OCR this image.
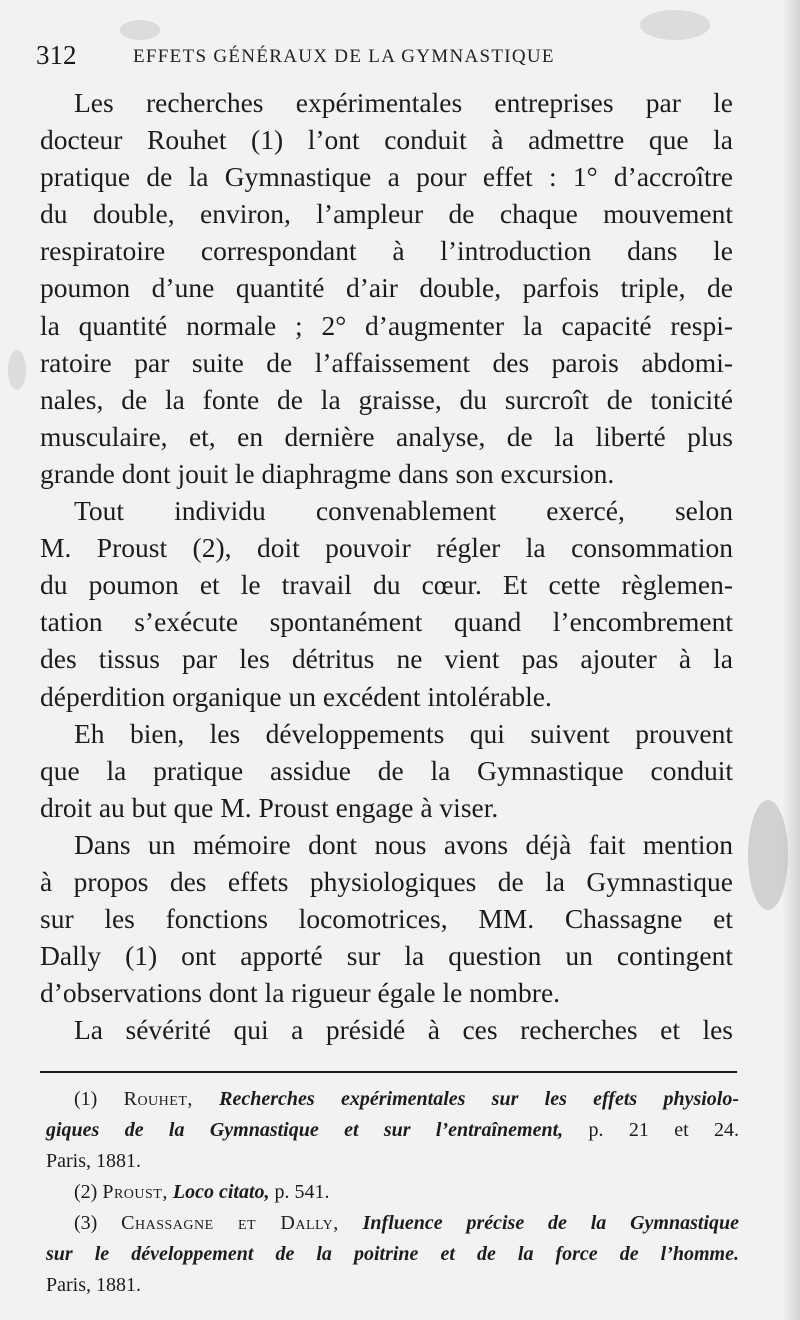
312	EFFETS GÉNÉRAUX DE LA GYMNASTIQUE
Les recherches expérimentales entreprises par le
docteur Rouhet (1) l’ont conduit à admettre que la
pratique de la Gymnastique a pour effet : 1° d’accroître
du double, environ, l’ampleur de chaque mouvement
respiratoire correspondant à l’introduction dans le
poumon d’une quantité d’air double, parfois triple, de
la quantité normale ; 2° d’augmenter la capacité respi-
ratoire par suite de l’affaissement des parois abdomi-
nales, de la fonte de la graisse, du surcroît de tonicité
musculaire, et, en dernière analyse, de la liberté plus
grande dont jouit le diaphragme dans son excursion.
Tout individu convenablement exercé, selon
M. Proust (2), doit pouvoir régler la consommation
du poumon et le travail du cœur. Et cette règlemen-
tation s’exécute spontanément quand l’encombrement
des tissus par les détritus ne vient pas ajouter à la
déperdition organique un excédent intolérable.
Eh bien, les développements qui suivent prouvent
que la pratique assidue de la Gymnastique conduit
droit au but que M. Proust engage à viser.
Dans un mémoire dont nous avons déjà fait mention
à propos des effets physiologiques de la Gymnastique
sur les fonctions locomotrices, MM. Chassagne et
Dally (1) ont apporté sur la question un contingent
d’observations dont la rigueur égale le nombre.
La sévérité qui a présidé à ces recherches et les
(1) Rouhet, Recherches expérimentales sur les effets physiolo-
giques de la Gymnastique et sur l’entraînement, p. 21 et 24.
Paris, 1881.
(2) Proust, Loco citato, p. 541.
(3) Chassagne et Dally, Influence précise de la Gymnastique
sur le développement de la poitrine et de la force de l’homme.
Paris, 1881.
